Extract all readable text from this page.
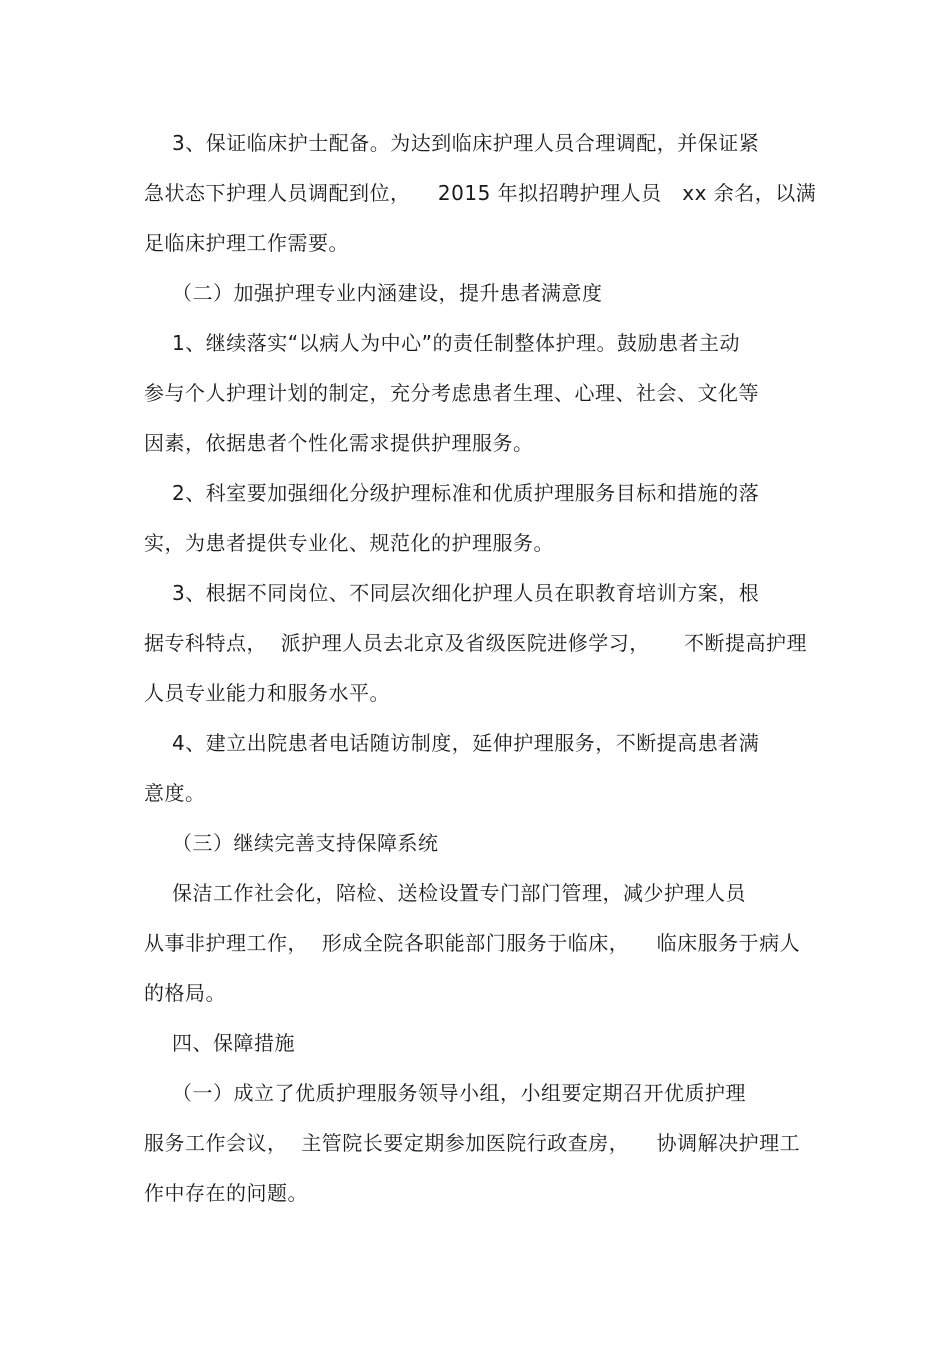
3、保证临床护士配备。为达到临床护理人员合理调配，并保证紧
急状态下护理人员调配到位，    2015 年拟招聘护理人员   xx 余名，以满
足临床护理工作需要。
（二）加强护理专业内涵建设，提升患者满意度
1、继续落实“以病人为中心”的责任制整体护理。鼓励患者主动
参与个人护理计划的制定，充分考虑患者生理、心理、社会、文化等
因素，依据患者个性化需求提供护理服务。
2、科室要加强细化分级护理标准和优质护理服务目标和措施的落
实，为患者提供专业化、规范化的护理服务。
3、根据不同岗位、不同层次细化护理人员在职教育培训方案，根
据专科特点，  派护理人员去北京及省级医院进修学习，     不断提高护理
人员专业能力和服务水平。
4、建立出院患者电话随访制度，延伸护理服务，不断提高患者满
意度。
（三）继续完善支持保障系统
保洁工作社会化，陪检、送检设置专门部门管理，减少护理人员
从事非护理工作，  形成全院各职能部门服务于临床，    临床服务于病人
的格局。
四、保障措施
（一）成立了优质护理服务领导小组，小组要定期召开优质护理
服务工作会议，  主管院长要定期参加医院行政查房，    协调解决护理工
作中存在的问题。
